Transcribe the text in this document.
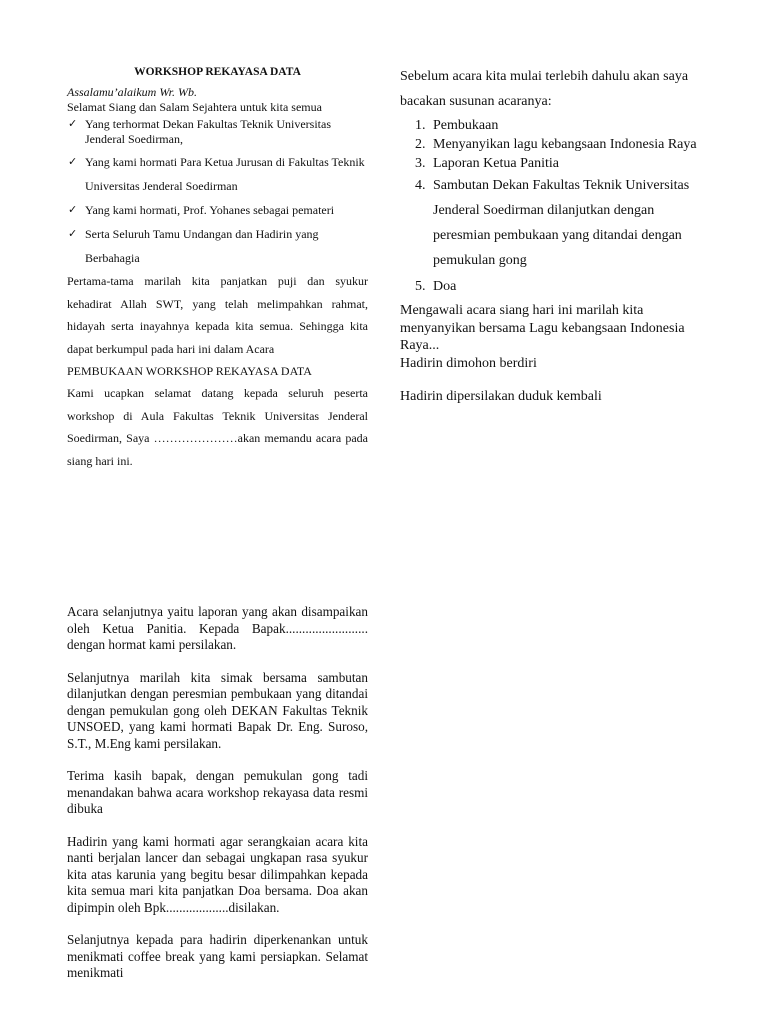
WORKSHOP REKAYASA DATA
Assalamu’alaikum Wr. Wb.
Selamat Siang dan Salam Sejahtera untuk kita semua
✓ Yang terhormat Dekan Fakultas Teknik Universitas Jenderal Soedirman,
✓ Yang kami hormati Para Ketua Jurusan di Fakultas Teknik Universitas Jenderal Soedirman
✓ Yang kami hormati, Prof. Yohanes sebagai pemateri
✓ Serta Seluruh Tamu Undangan dan Hadirin yang Berbahagia

Pertama-tama marilah kita panjatkan puji dan syukur kehadirat Allah SWT, yang telah melimpahkan rahmat, hidayah serta inayahnya kepada kita semua. Sehingga kita dapat berkumpul pada hari ini dalam Acara

PEMBUKAAN WORKSHOP REKAYASA DATA

Kami ucapkan selamat datang kepada seluruh peserta workshop di Aula Fakultas Teknik Universitas Jenderal Soedirman, Saya …………………akan memandu acara pada siang hari ini.

Sebelum acara kita mulai terlebih dahulu akan saya bacakan susunan acaranya:

1. Pembukaan
2. Menyanyikan lagu kebangsaan Indonesia Raya
3. Laporan Ketua Panitia
4. Sambutan Dekan Fakultas Teknik Universitas Jenderal Soedirman dilanjutkan dengan peresmian pembukaan yang ditandai dengan pemukulan gong
5. Doa

Mengawali acara siang hari ini marilah kita menyanyikan bersama Lagu kebangsaan Indonesia Raya...

Hadirin dimohon berdiri

Hadirin dipersilakan duduk kembali

Acara selanjutnya yaitu laporan yang akan disampaikan oleh Ketua Panitia. Kepada Bapak......................... dengan hormat kami persilakan.

Selanjutnya marilah kita simak bersama sambutan dilanjutkan dengan peresmian pembukaan yang ditandai dengan pemukulan gong oleh DEKAN Fakultas Teknik UNSOED, yang kami hormati Bapak Dr. Eng. Suroso, S.T., M.Eng kami persilakan.

Terima kasih bapak, dengan pemukulan gong tadi menandakan bahwa acara workshop rekayasa data resmi dibuka

Hadirin yang kami hormati agar serangkaian acara kita nanti berjalan lancer dan sebagai ungkapan rasa syukur kita atas karunia yang begitu besar dilimpahkan kepada kita semua mari kita panjatkan Doa bersama. Doa akan dipimpin oleh Bpk...................disilakan.

Selanjutnya kepada para hadirin diperkenankan untuk menikmati coffee break yang kami persiapkan. Selamat menikmati
